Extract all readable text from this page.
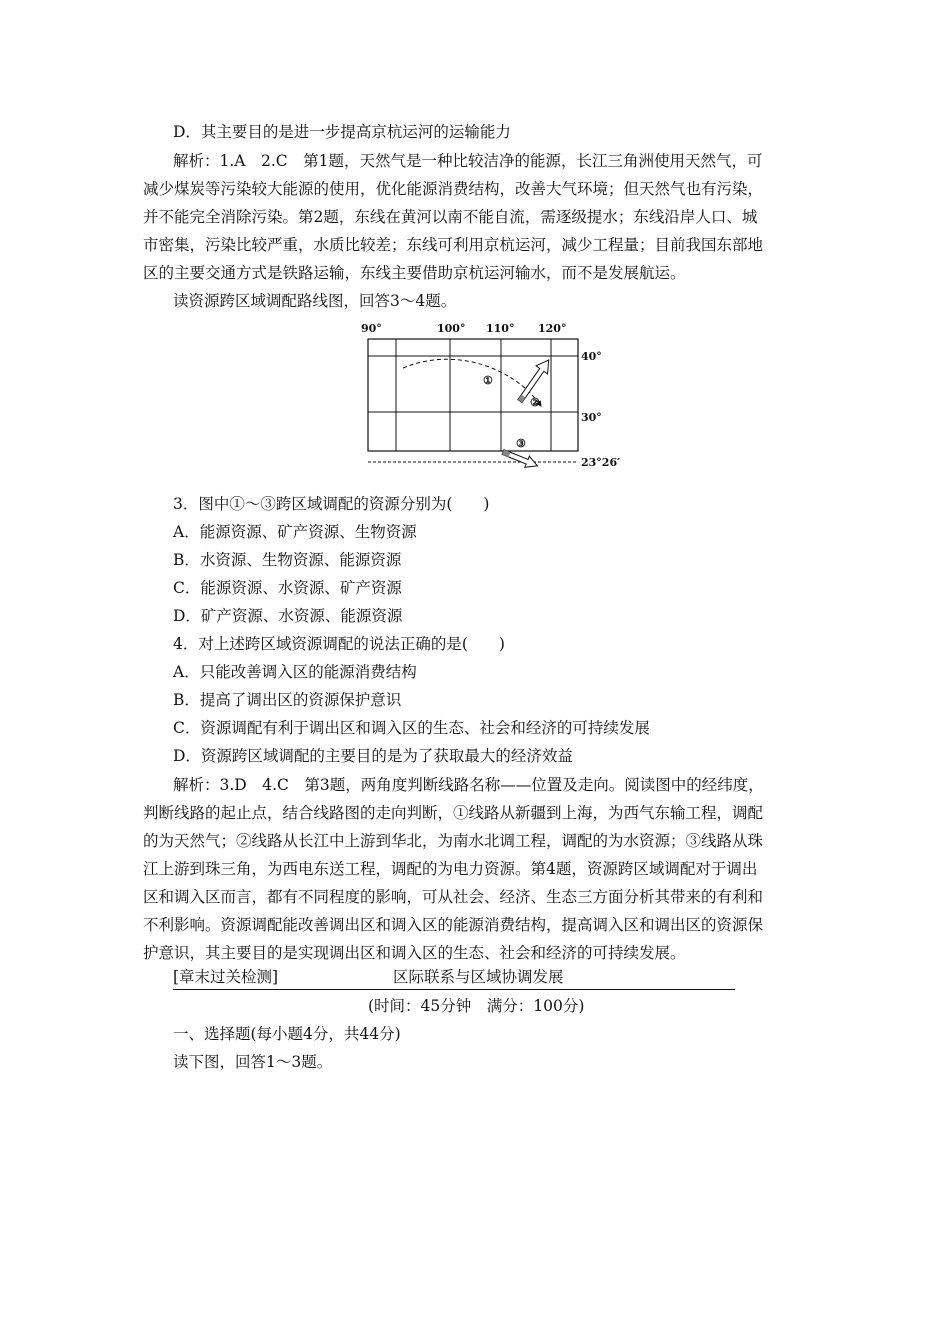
D．其主要目的是进一步提高京杭运河的运输能力
解析：1.A　2.C　第1题，天然气是一种比较洁净的能源，长江三角洲使用天然气，可
减少煤炭等污染较大能源的使用，优化能源消费结构，改善大气环境；但天然气也有污染，
并不能完全消除污染。第2题，东线在黄河以南不能自流，需逐级提水；东线沿岸人口、城
市密集，污染比较严重，水质比较差；东线可利用京杭运河，减少工程量；目前我国东部地
区的主要交通方式是铁路运输，东线主要借助京杭运河输水，而不是发展航运。
读资源跨区域调配路线图，回答3～4题。
90°	100° 110° 120°
40°
30°
23°26′
①
②
③
3．图中①～③跨区域调配的资源分别为(　　)
A．能源资源、矿产资源、生物资源
B．水资源、生物资源、能源资源
C．能源资源、水资源、矿产资源
D．矿产资源、水资源、能源资源
4．对上述跨区域资源调配的说法正确的是(　　)
A．只能改善调入区的能源消费结构
B．提高了调出区的资源保护意识
C．资源调配有利于调出区和调入区的生态、社会和经济的可持续发展
D．资源跨区域调配的主要目的是为了获取最大的经济效益
解析：3.D　4.C　第3题，两角度判断线路名称——位置及走向。阅读图中的经纬度，
判断线路的起止点，结合线路图的走向判断，①线路从新疆到上海，为西气东输工程，调配
的为天然气；②线路从长江中上游到华北，为南水北调工程，调配的为水资源；③线路从珠
江上游到珠三角，为西电东送工程，调配的为电力资源。第4题，资源跨区域调配对于调出
区和调入区而言，都有不同程度的影响，可从社会、经济、生态三方面分析其带来的有利和
不利影响。资源调配能改善调出区和调入区的能源消费结构，提高调入区和调出区的资源保
护意识，其主要目的是实现调出区和调入区的生态、社会和经济的可持续发展。
[章末过关检测]	区际联系与区域协调发展
(时间：45分钟　满分：100分)
一、选择题(每小题4分，共44分)
读下图，回答1～3题。
